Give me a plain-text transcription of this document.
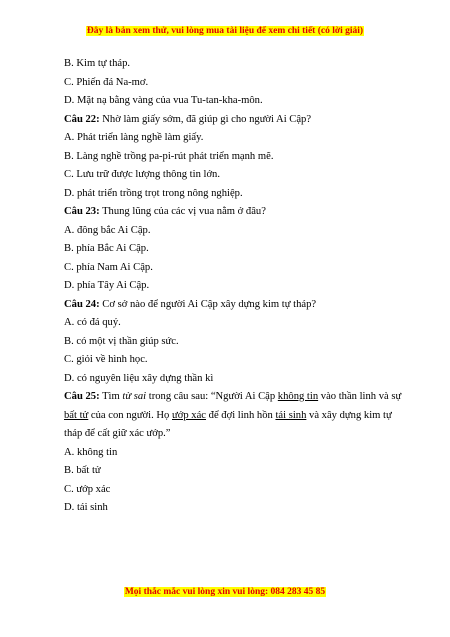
Đây là bản xem thử, vui lòng mua tài liệu để xem chi tiết (có lời giải)
B. Kim tự tháp.
C. Phiến đá Na-mơ.
D. Mặt nạ bằng vàng của vua Tu-tan-kha-môn.
Câu 22: Nhờ làm giấy sớm, đã giúp gì cho người Ai Cập?
A. Phát triển làng nghề làm giấy.
B. Làng nghề trồng pa-pi-rút phát triển mạnh mẽ.
C. Lưu trữ được lượng thông tin lớn.
D. phát triển trồng trọt trong nông nghiệp.
Câu 23: Thung lũng của các vị vua nằm ở đâu?
A. đông bắc Ai Cập.
B. phía Bắc Ai Cập.
C. phía Nam Ai Cập.
D. phía Tây Ai Cập.
Câu 24: Cơ sở nào để người Ai Cập xây dựng kim tự tháp?
A. có đá quý.
B. có một vị thần giúp sức.
C. giỏi về hình học.
D. có nguyên liệu xây dựng thần kì
Câu 25: Tìm từ sai trong câu sau: “Người Ai Cập không tin vào thần linh và sự bất tử của con người. Họ ướp xác để đợi linh hồn tái sinh và xây dựng kim tự tháp để cất giữ xác ướp.”
A. không tin
B. bất tử
C. ướp xác
D. tái sinh
Mọi thắc mắc vui lòng xin vui lòng: 084 283 45 85
